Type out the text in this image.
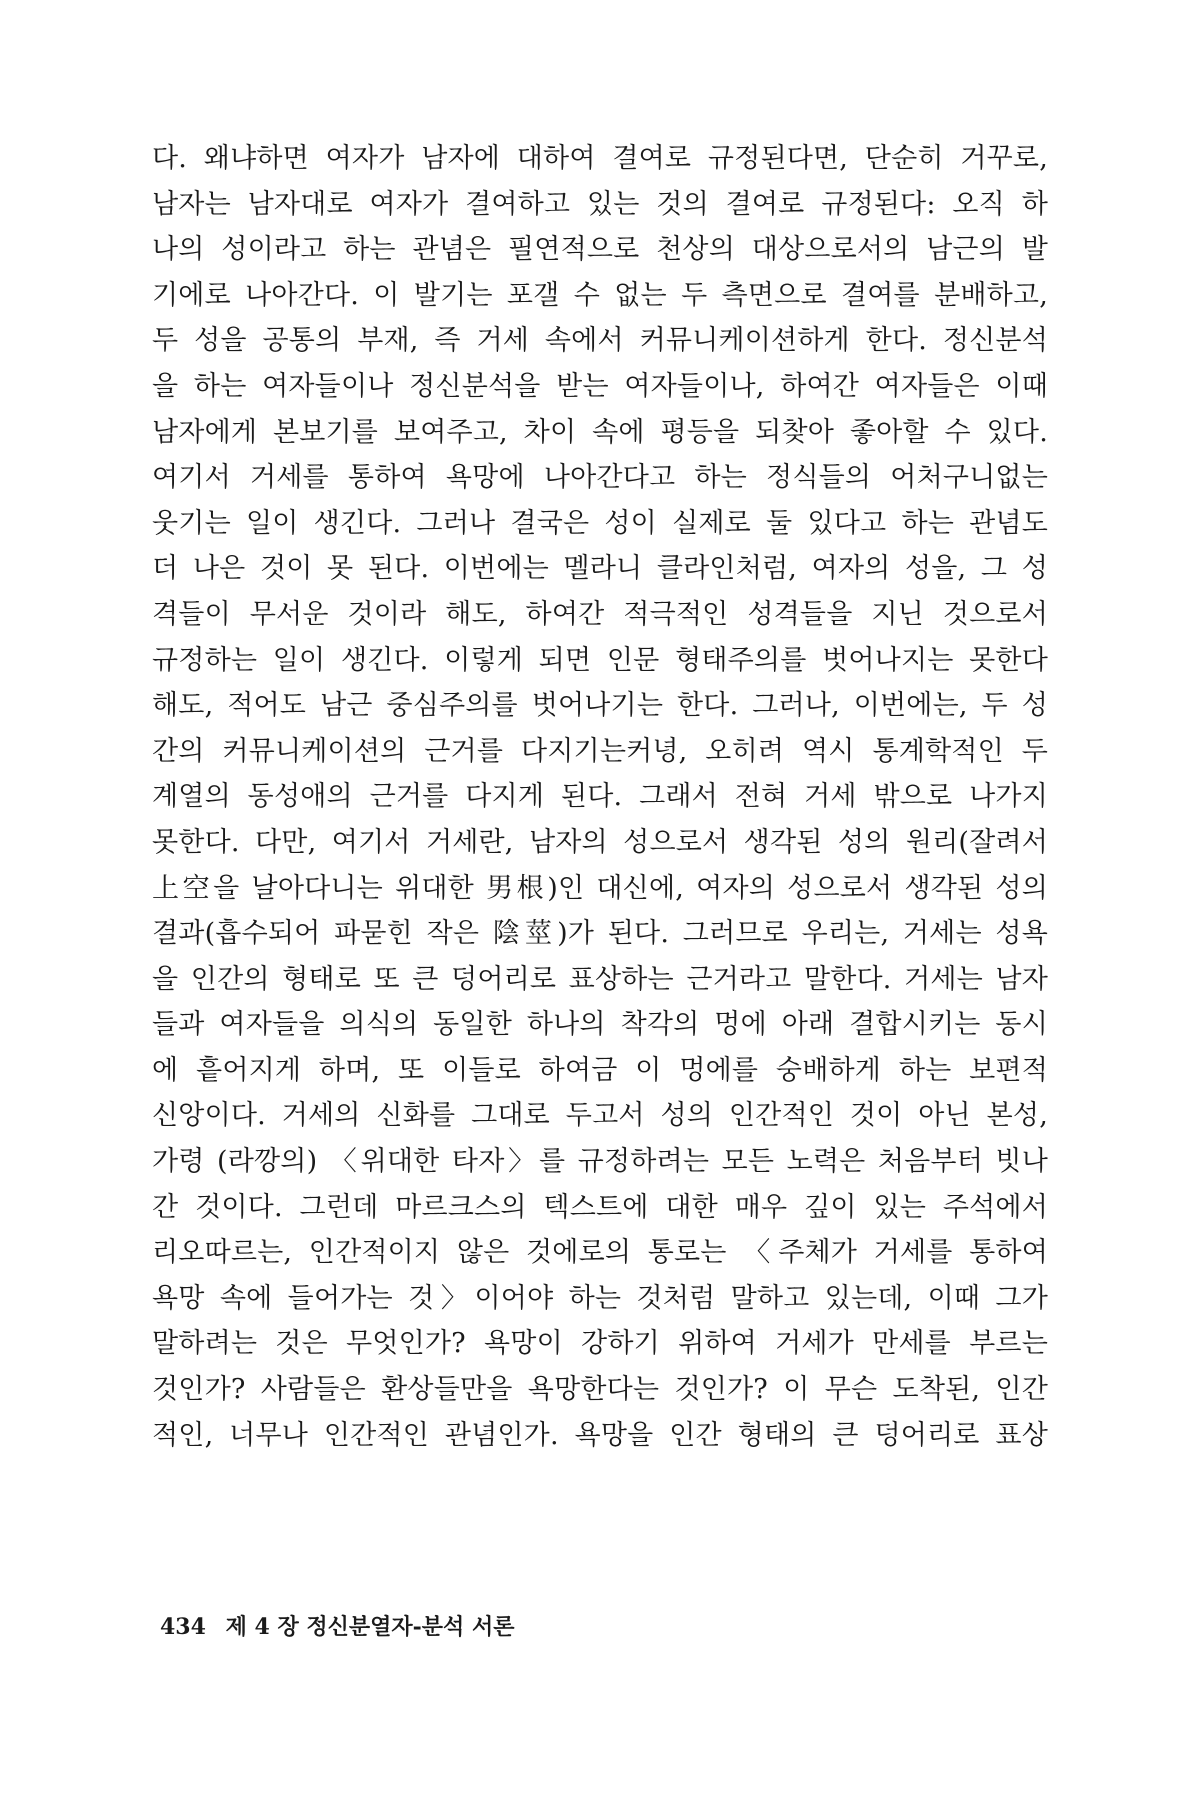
다. 왜냐하면 여자가 남자에 대하여 결여로 규정된다면, 단순히 거꾸로,
남자는 남자대로 여자가 결여하고 있는 것의 결여로 규정된다: 오직 하
나의 성이라고 하는 관념은 필연적으로 천상의 대상으로서의 남근의 발
기에로 나아간다. 이 발기는 포갤 수 없는 두 측면으로 결여를 분배하고,
두 성을 공통의 부재, 즉 거세 속에서 커뮤니케이션하게 한다. 정신분석
을 하는 여자들이나 정신분석을 받는 여자들이나, 하여간 여자들은 이때
남자에게 본보기를 보여주고, 차이 속에 평등을 되찾아 좋아할 수 있다.
여기서 거세를 통하여 욕망에 나아간다고 하는 정식들의 어처구니없는
웃기는 일이 생긴다. 그러나 결국은 성이 실제로 둘 있다고 하는 관념도
더 나은 것이 못 된다. 이번에는 멜라니 클라인처럼, 여자의 성을, 그 성
격들이 무서운 것이라 해도, 하여간 적극적인 성격들을 지닌 것으로서
규정하는 일이 생긴다. 이렇게 되면 인문 형태주의를 벗어나지는 못한다
해도, 적어도 남근 중심주의를 벗어나기는 한다. 그러나, 이번에는, 두 성
간의 커뮤니케이션의 근거를 다지기는커녕, 오히려 역시 통계학적인 두
계열의 동성애의 근거를 다지게 된다. 그래서 전혀 거세 밖으로 나가지
못한다. 다만, 여기서 거세란, 남자의 성으로서 생각된 성의 원리(잘려서
上空을 날아다니는 위대한 男根)인 대신에, 여자의 성으로서 생각된 성의
결과(흡수되어 파묻힌 작은 陰莖)가 된다. 그러므로 우리는, 거세는 성욕
을 인간의 형태로 또 큰 덩어리로 표상하는 근거라고 말한다. 거세는 남자
들과 여자들을 의식의 동일한 하나의 착각의 멍에 아래 결합시키는 동시
에 흩어지게 하며, 또 이들로 하여금 이 멍에를 숭배하게 하는 보편적
신앙이다. 거세의 신화를 그대로 두고서 성의 인간적인 것이 아닌 본성,
가령 (라깡의) 〈위대한 타자〉를 규정하려는 모든 노력은 처음부터 빗나
간 것이다. 그런데 마르크스의 텍스트에 대한 매우 깊이 있는 주석에서
리오따르는, 인간적이지 않은 것에로의 통로는 〈주체가 거세를 통하여
욕망 속에 들어가는 것〉이어야 하는 것처럼 말하고 있는데, 이때 그가
말하려는 것은 무엇인가? 욕망이 강하기 위하여 거세가 만세를 부르는
것인가? 사람들은 환상들만을 욕망한다는 것인가? 이 무슨 도착된, 인간
적인, 너무나 인간적인 관념인가. 욕망을 인간 형태의 큰 덩어리로 표상
434 제 4 장 정신분열자-분석 서론
